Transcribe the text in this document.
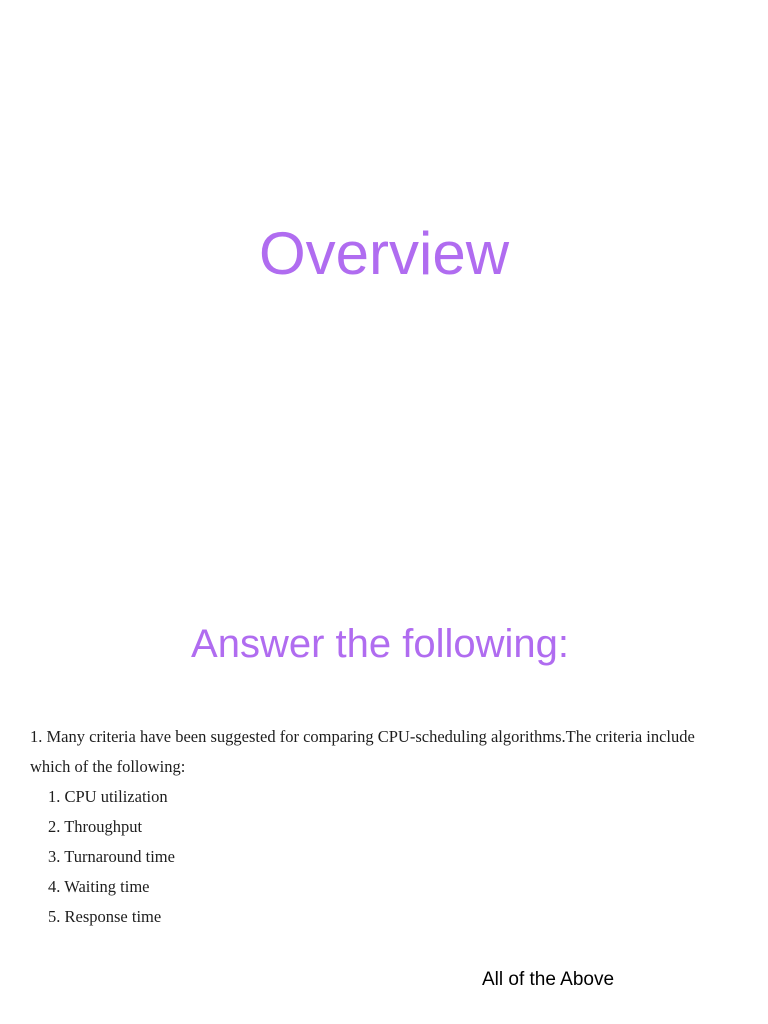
Overview
Answer the following:

1. Many criteria have been suggested for comparing CPU-scheduling algorithms.The criteria include which of the following:

1. CPU utilization
2. Throughput
3. Turnaround time
4. Waiting time
5. Response time
All of the Above
